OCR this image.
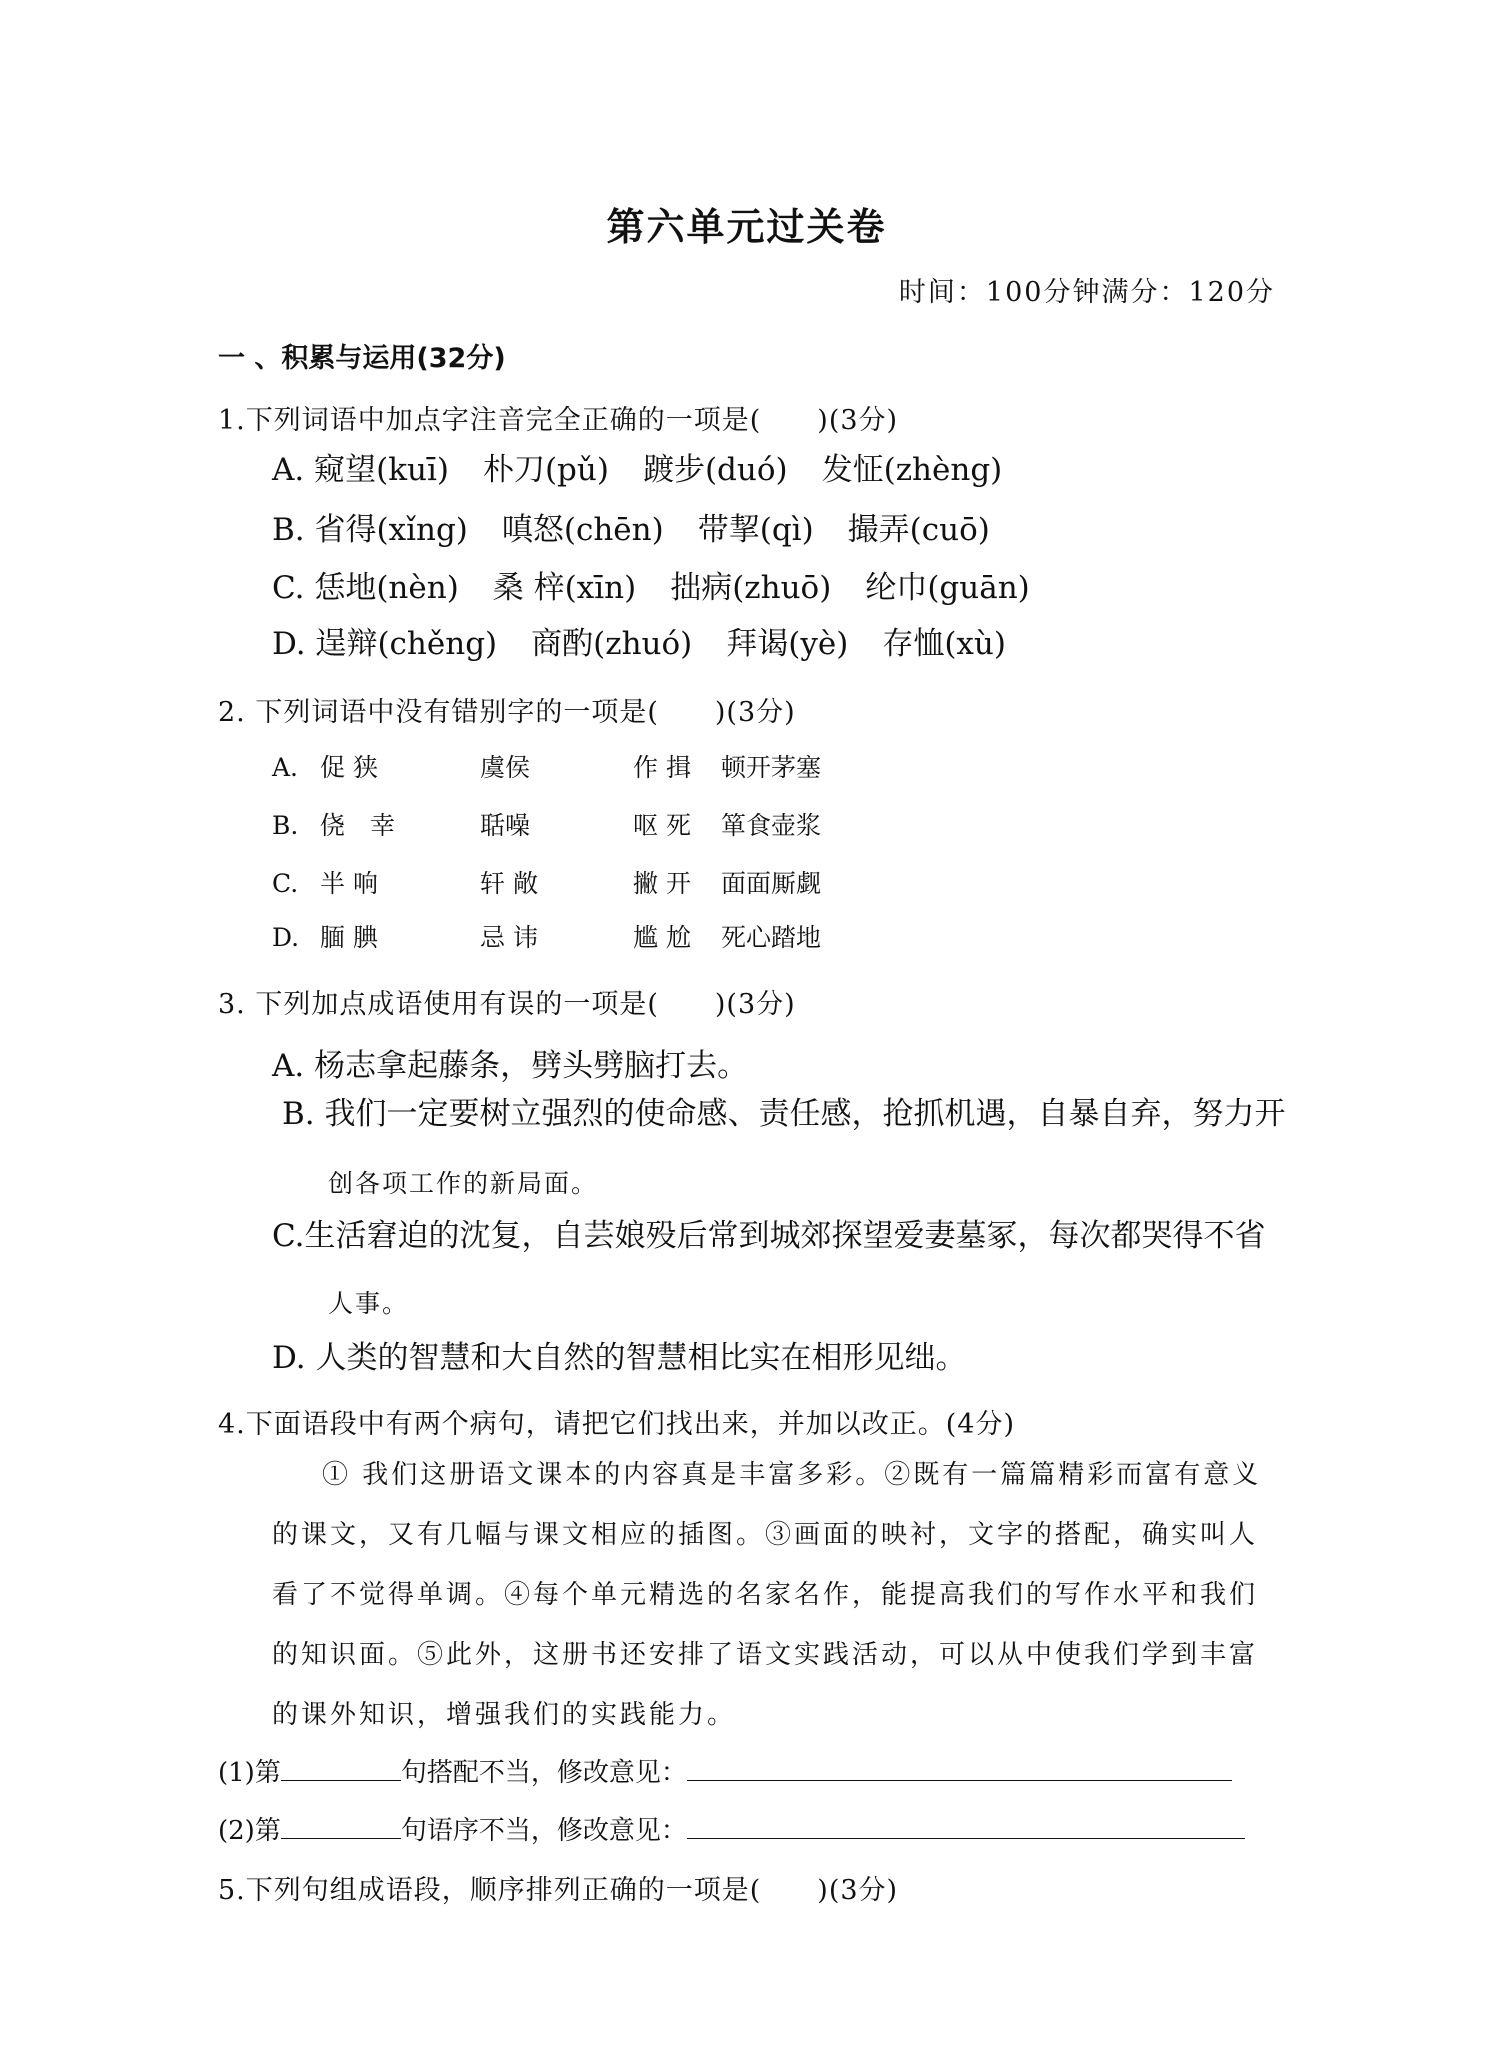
第六单元过关卷
时间：100分钟满分：120分
一 、积累与运用(32分)
1.下列词语中加点字注音完全正确的一项是(　　)(3分)
A. 窥望(kuī) 朴刀(pǔ) 踱步(duó) 发怔(zhèng)
B. 省得(xǐng) 嗔怒(chēn) 带挈(qì) 撮弄(cuō)
C. 恁地(nèn) 桑 梓(xīn) 拙病(zhuō) 纶巾(guān)
D. 逞辩(chěng) 商酌(zhuó) 拜谒(yè) 存恤(xù)
2. 下列词语中没有错别字的一项是(　　)(3分)
A. 促 狭	虞侯	作 揖 顿开茅塞
B. 侥　幸	聒噪	呕 死 箪食壶浆
C. 半 响	轩 敞	撇 开 面面厮觑
D. 腼 腆	忌 讳	尴 尬 死心踏地
3. 下列加点成语使用有误的一项是(　　)(3分)
A. 杨志拿起藤条，劈头劈脑打去。
B. 我们一定要树立强烈的使命感、责任感，抢抓机遇，自暴自弃，努力开
创各项工作的新局面。
C.生活窘迫的沈复，自芸娘殁后常到城郊探望爱妻墓冢，每次都哭得不省
人事。
D. 人类的智慧和大自然的智慧相比实在相形见绌。
4.下面语段中有两个病句，请把它们找出来，并加以改正。(4分)
① 我们这册语文课本的内容真是丰富多彩。②既有一篇篇精彩而富有意义的课文，又有几幅与课文相应的插图。③画面的映衬，文字的搭配，确实叫人看了不觉得单调。④每个单元精选的名家名作，能提高我们的写作水平和我们的知识面。⑤此外，这册书还安排了语文实践活动，可以从中使我们学到丰富的课外知识，增强我们的实践能力。
(1)第	句搭配不当，修改意见：
(2)第	句语序不当，修改意见：
5.下列句组成语段，顺序排列正确的一项是(　　)(3分)
